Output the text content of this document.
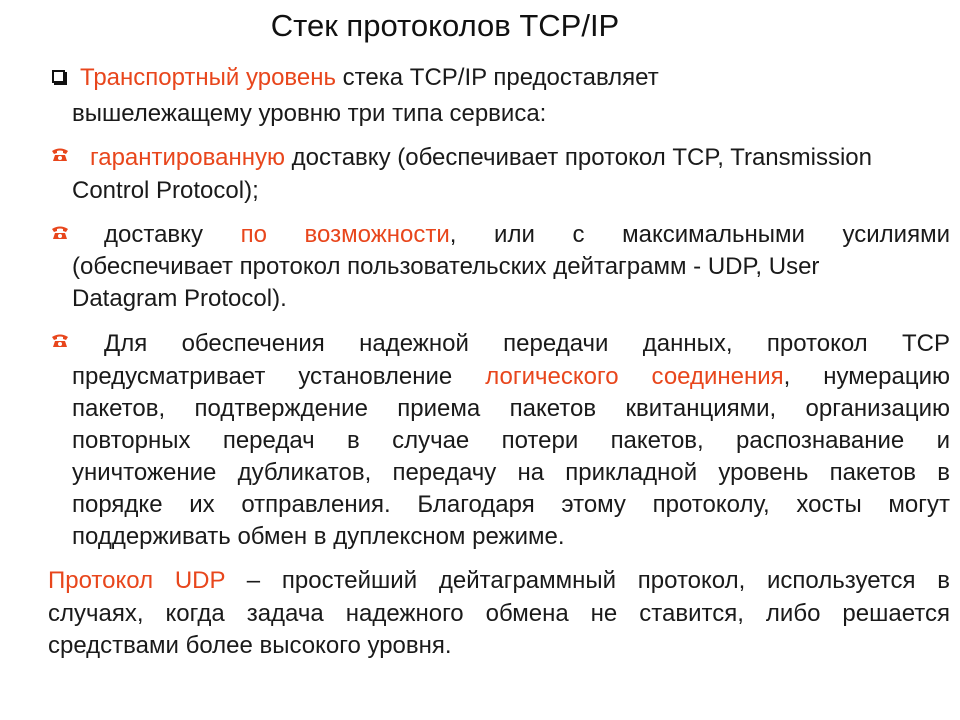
Стек протоколов TCP/IP
Транспортный уровень стека TCP/IP предоставляет
вышележащему уровню три типа сервиса:
гарантированную доставку (обеспечивает протокол TCP, Transmission
Control Protocol);
доставку по возможности, или с максимальными усилиями
(обеспечивает протокол пользовательских дейтаграмм - UDP, User
Datagram Protocol).
Для обеспечения надежной передачи данных, протокол TCP
предусматривает установление логического соединения, нумерацию
пакетов, подтверждение приема пакетов квитанциями, организацию
повторных передач в случае потери пакетов, распознавание и
уничтожение дубликатов, передачу на прикладной уровень пакетов в
порядке их отправления. Благодаря этому протоколу, хосты могут
поддерживать обмен в дуплексном режиме.
Протокол UDP – простейший дейтаграммный протокол, используется в
случаях, когда задача надежного обмена не ставится, либо решается
средствами более высокого уровня.
